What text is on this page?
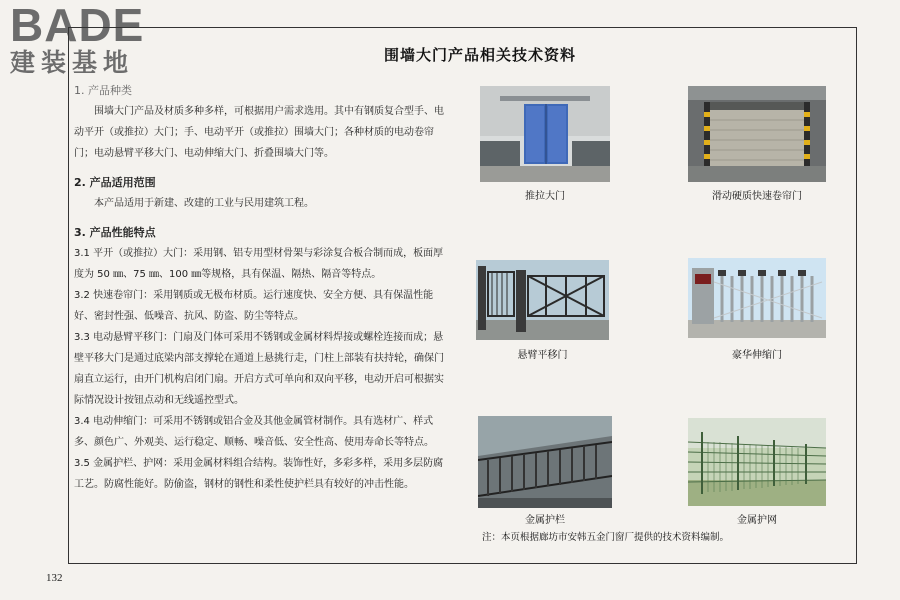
BADE
建装基地	围墙大门产品相关技术资料

1. 产品种类

围墙大门产品及材质多种多样，可根据用户需求选用。其中有钢质复合型手、电动平开（或推拉）大门；手、电动平开（或推拉）围墙大门；各种材质的电动卷帘门；电动悬臂平移大门、电动伸缩大门、折叠围墙大门等。

2. 产品适用范围

本产品适用于新建、改建的工业与民用建筑工程。

3. 产品性能特点

3.1 平开（或推拉）大门：采用钢、铝专用型材骨架与彩涂复合板合制而成，板面厚度为 50 ㎜、75 ㎜、100 ㎜等规格，具有保温、隔热、隔音等特点。

3.2 快速卷帘门：采用钢质或无极布材质。运行速度快、安全方便、具有保温性能好、密封性强、低噪音、抗风、防盗、防尘等特点。

3.3 电动悬臂平移门：门扇及门体可采用不锈钢或金属材料焊接或螺栓连接而成；悬壁平移大门是通过底梁内部支撑轮在通道上悬挑行走，门柱上部装有扶持轮，确保门扇直立运行，由开门机构启闭门扇。开启方式可单向和双向平移，电动开启可根据实际情况设计按钮点动和无线遥控型式。

3.4 电动伸缩门：可采用不锈钢或铝合金及其他金属管材制作。具有选材广、样式多、颜色广、外观美、运行稳定、顺畅、噪音低、安全性高、使用寿命长等特点。

3.5 金属护栏、护网：采用金属材料组合结构。装饰性好，多彩多样，采用多层防腐工艺。防腐性能好。防偷盗，钢材的钢性和柔性使护栏具有较好的冲击性能。

推拉大门	滑动硬质快速卷帘门
悬臂平移门	豪华伸缩门
金属护栏	金属护网
注：本页根据廊坊市安韩五金门窗厂提供的技术资料编制。
132
